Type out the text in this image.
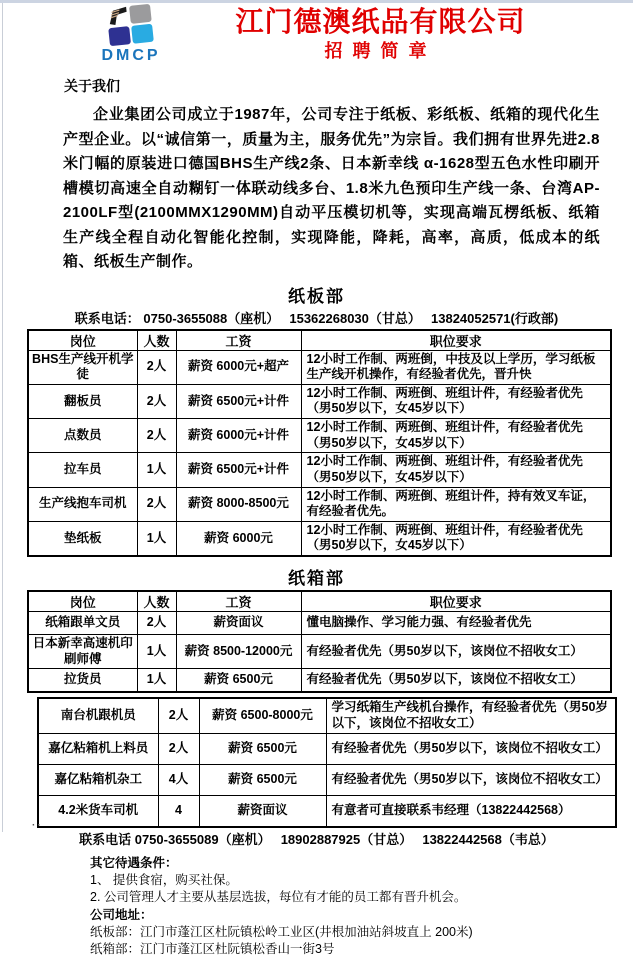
DMCP
江门德澳纸品有限公司
招聘简章
关于我们
企业集团公司成立于1987年，公司专注于纸板、彩纸板、纸箱的现代化生产型企业。以“诚信第一，质量为主，服务优先”为宗旨。我们拥有世界先进2.8米门幅的原装进口德国BHS生产线2条、日本新幸线 α-1628型五色水性印刷开槽模切高速全自动糊钉一体联动线多台、1.8米九色预印生产线一条、台湾AP-2100LF型(2100MMX1290MM)自动平压模切机等，实现高端瓦楞纸板、纸箱生产线全程自动化智能化控制，实现降能，降耗，高率，高质，低成本的纸箱、纸板生产制作。
纸板部
联系电话： 0750-3655088（座机）　 15362268030（甘总）　 13824052571(行政部)
岗位	人数	工资	职位要求
BHS生产线开机学徒	2人	薪资 6000元+超产	12小时工作制、两班倒，中技及以上学历，学习纸板生产线开机操作，有经验者优先，晋升快
翻板员	2人	薪资 6500元+计件	12小时工作制、两班倒、班组计件，有经验者优先（男50岁以下，女45岁以下）
点数员	2人	薪资 6000元+计件	12小时工作制、两班倒、班组计件，有经验者优先（男50岁以下，女45岁以下）
拉车员	1人	薪资 6500元+计件	12小时工作制、两班倒、班组计件，有经验者优先（男50岁以下，女45岁以下）
生产线抱车司机	2人	薪资 8000-8500元	12小时工作制、两班倒、班组计件，持有效叉车证，有经验者优先。
垫纸板	1人	薪资 6000元	12小时工作制、两班倒、班组计件，有经验者优先（男50岁以下，女45岁以下）
纸箱部
岗位	人数	工资	职位要求
纸箱跟单文员	2人	薪资面议	懂电脑操作、学习能力强、有经验者优先
日本新幸高速机印刷师傅	1人	薪资 8500-12000元	有经验者优先（男50岁以下，该岗位不招收女工）
拉货员	1人	薪资 6500元	有经验者优先（男50岁以下，该岗位不招收女工）
南台机跟机员	2人	薪资 6500-8000元	学习纸箱生产线机台操作，有经验者优先（男50岁以下，该岗位不招收女工）
嘉亿粘箱机上料员	2人	薪资 6500元	有经验者优先（男50岁以下，该岗位不招收女工）
嘉亿粘箱机杂工	4人	薪资 6500元	有经验者优先（男50岁以下，该岗位不招收女工）
4.2米货车司机	4	薪资面议	有意者可直接联系韦经理（13822442568）
联系电话 0750-3655089（座机）　 18902887925（甘总）　 13822442568（韦总）
其它待遇条件：
1、 提供食宿，购买社保。
2. 公司管理人才主要从基层选拔，每位有才能的员工都有晋升机会。
公司地址：
纸板部：江门市蓬江区杜阮镇松岭工业区(井根加油站斜坡直上 200米)
纸箱部：江门市蓬江区杜阮镇松香山一街3号
··
